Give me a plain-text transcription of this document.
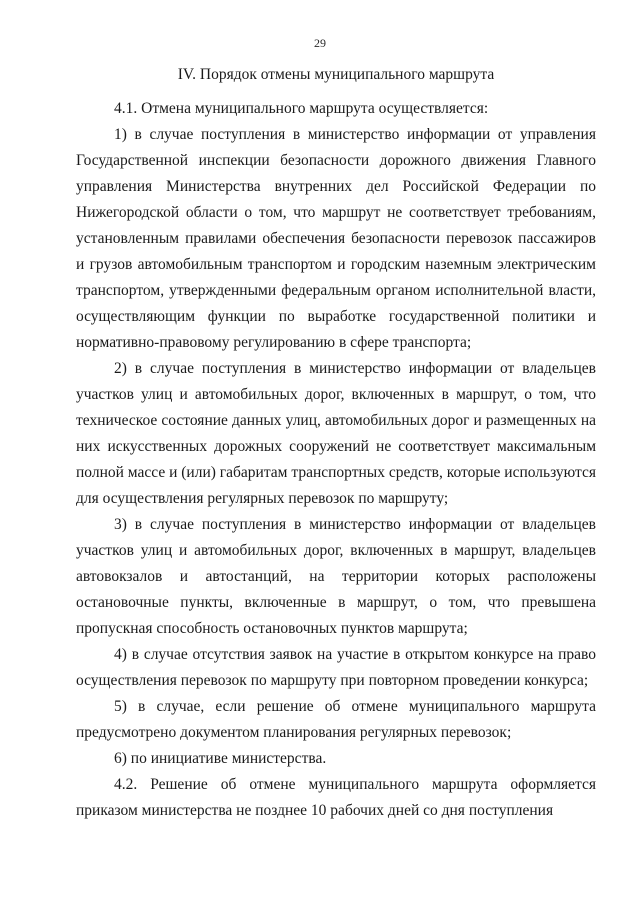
29

IV. Порядок отмены муниципального маршрута

4.1. Отмена муниципального маршрута осуществляется:

1) в случае поступления в министерство информации от управления Государственной инспекции безопасности дорожного движения Главного управления Министерства внутренних дел Российской Федерации по Нижегородской области о том, что маршрут не соответствует требованиям, установленным правилами обеспечения безопасности перевозок пассажиров и грузов автомобильным транспортом и городским наземным электрическим транспортом, утвержденными федеральным органом исполнительной власти, осуществляющим функции по выработке государственной политики и нормативно-правовому регулированию в сфере транспорта;

2) в случае поступления в министерство информации от владельцев участков улиц и автомобильных дорог, включенных в маршрут, о том, что техническое состояние данных улиц, автомобильных дорог и размещенных на них искусственных дорожных сооружений не соответствует максимальным полной массе и (или) габаритам транспортных средств, которые используются для осуществления регулярных перевозок по маршруту;

3) в случае поступления в министерство информации от владельцев участков улиц и автомобильных дорог, включенных в маршрут, владельцев автовокзалов и автостанций, на территории которых расположены остановочные пункты, включенные в маршрут, о том, что превышена пропускная способность остановочных пунктов маршрута;

4) в случае отсутствия заявок на участие в открытом конкурсе на право осуществления перевозок по маршруту при повторном проведении конкурса;

5) в случае, если решение об отмене муниципального маршрута предусмотрено документом планирования регулярных перевозок;

6) по инициативе министерства.

4.2. Решение об отмене муниципального маршрута оформляется приказом министерства не позднее 10 рабочих дней со дня поступления
